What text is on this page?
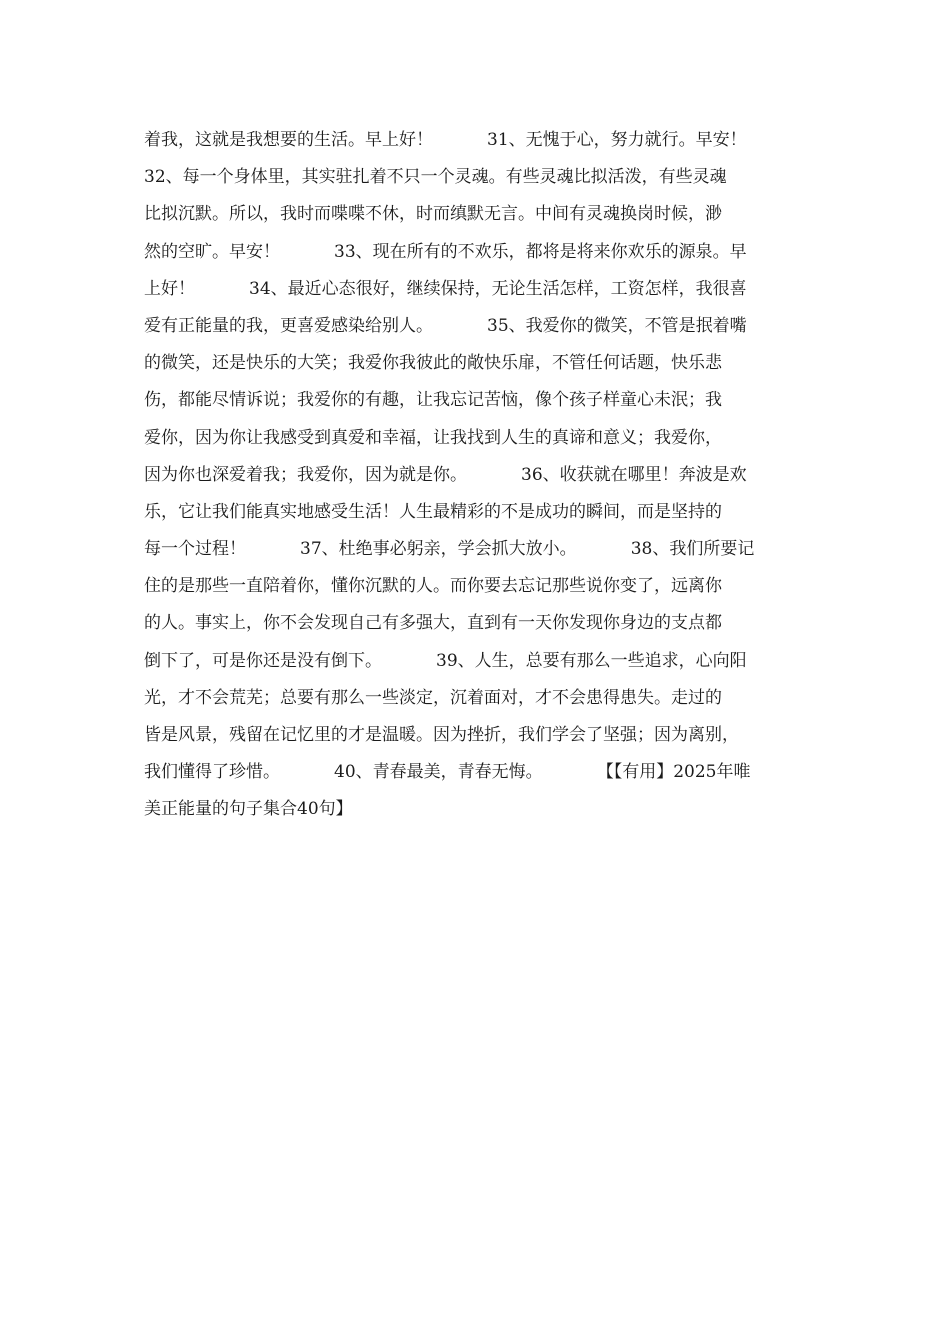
着我，这就是我想要的生活。早上好！          31、无愧于心，努力就行。早安！
32、每一个身体里，其实驻扎着不只一个灵魂。有些灵魂比拟活泼，有些灵魂
比拟沉默。所以，我时而喋喋不休，时而缜默无言。中间有灵魂换岗时候，渺
然的空旷。早安！          33、现在所有的不欢乐，都将是将来你欢乐的源泉。早
上好！          34、最近心态很好，继续保持，无论生活怎样，工资怎样，我很喜
爱有正能量的我，更喜爱感染给别人。          35、我爱你的微笑，不管是抿着嘴
的微笑，还是快乐的大笑；我爱你我彼此的敞快乐扉，不管任何话题，快乐悲
伤，都能尽情诉说；我爱你的有趣，让我忘记苦恼，像个孩子样童心未泯；我
爱你，因为你让我感受到真爱和幸福，让我找到人生的真谛和意义；我爱你，
因为你也深爱着我；我爱你，因为就是你。          36、收获就在哪里！奔波是欢
乐，它让我们能真实地感受生活！人生最精彩的不是成功的瞬间，而是坚持的
每一个过程！          37、杜绝事必躬亲，学会抓大放小。          38、我们所要记
住的是那些一直陪着你，懂你沉默的人。而你要去忘记那些说你变了，远离你
的人。事实上，你不会发现自己有多强大，直到有一天你发现你身边的支点都
倒下了，可是你还是没有倒下。          39、人生，总要有那么一些追求，心向阳
光，才不会荒芜；总要有那么一些淡定，沉着面对，才不会患得患失。走过的
皆是风景，残留在记忆里的才是温暖。因为挫折，我们学会了坚强；因为离别，
我们懂得了珍惜。          40、青春最美，青春无悔。          【【有用】2025年唯
美正能量的句子集合40句】
